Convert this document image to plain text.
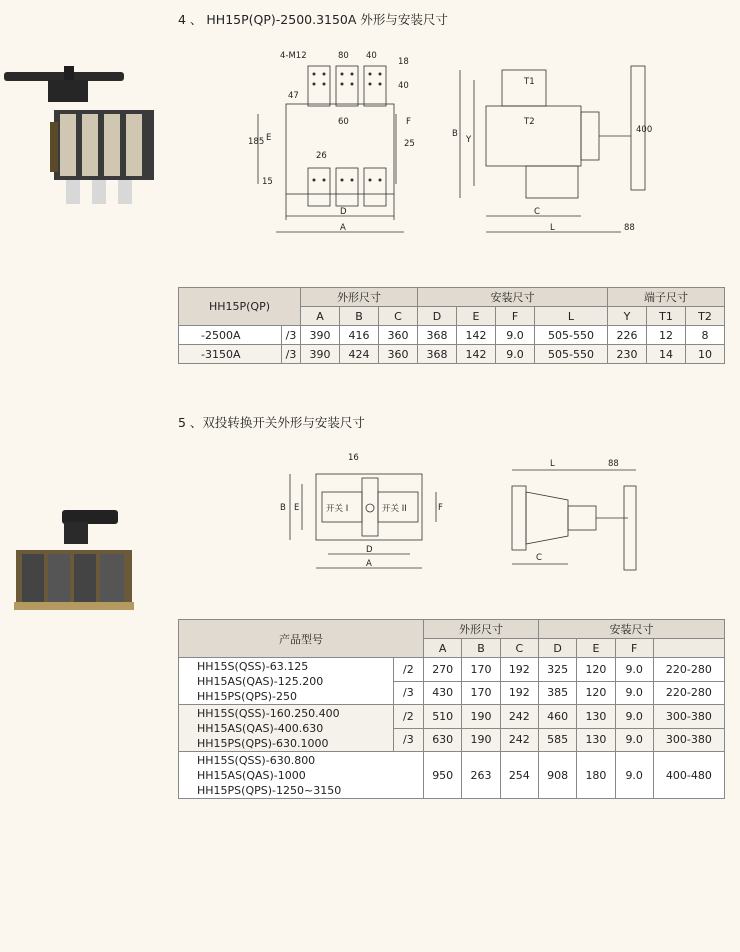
4 、 HH15P(QP)-2500.3150A 外形与安装尺寸
4-M12	80 40
18
47
40
60
E
185
F
26
25
15
D
A
T1
T2
B
Y
400
C
L	88
HH15P(QP)		外形尺寸			安装尺寸				端子尺寸		
		A	B	C	D	E	F	L	Y	T1	T2
-2500A	/3	390	416	360	368	142	9.0	505-550	226	12	8
-3150A	/3	390	424	360	368	142	9.0	505-550	230	14	10
5 、双投转换开关外形与安装尺寸
16
B E	开关 I	开关 II	F
D
A
L	88
C
产品型号		外形尺寸			安装尺寸			
		A	B	C	D	E	F	

HH15S(QSS)-63.125
HH15AS(QAS)-125.200
HH15PS(QPS)-250	/2	270	170	192	325	120	9.0	220-280
	/3	430	170	192	385	120	9.0	220-280

HH15S(QSS)-160.250.400
HH15AS(QAS)-400.630
HH15PS(QPS)-630.1000	/2	510	190	242	460	130	9.0	300-380
	/3	630	190	242	585	130	9.0	300-380

HH15S(QSS)-630.800
HH15AS(QAS)-1000
HH15PS(QPS)-1250~3150		950	263	254	908	180	9.0	400-480
